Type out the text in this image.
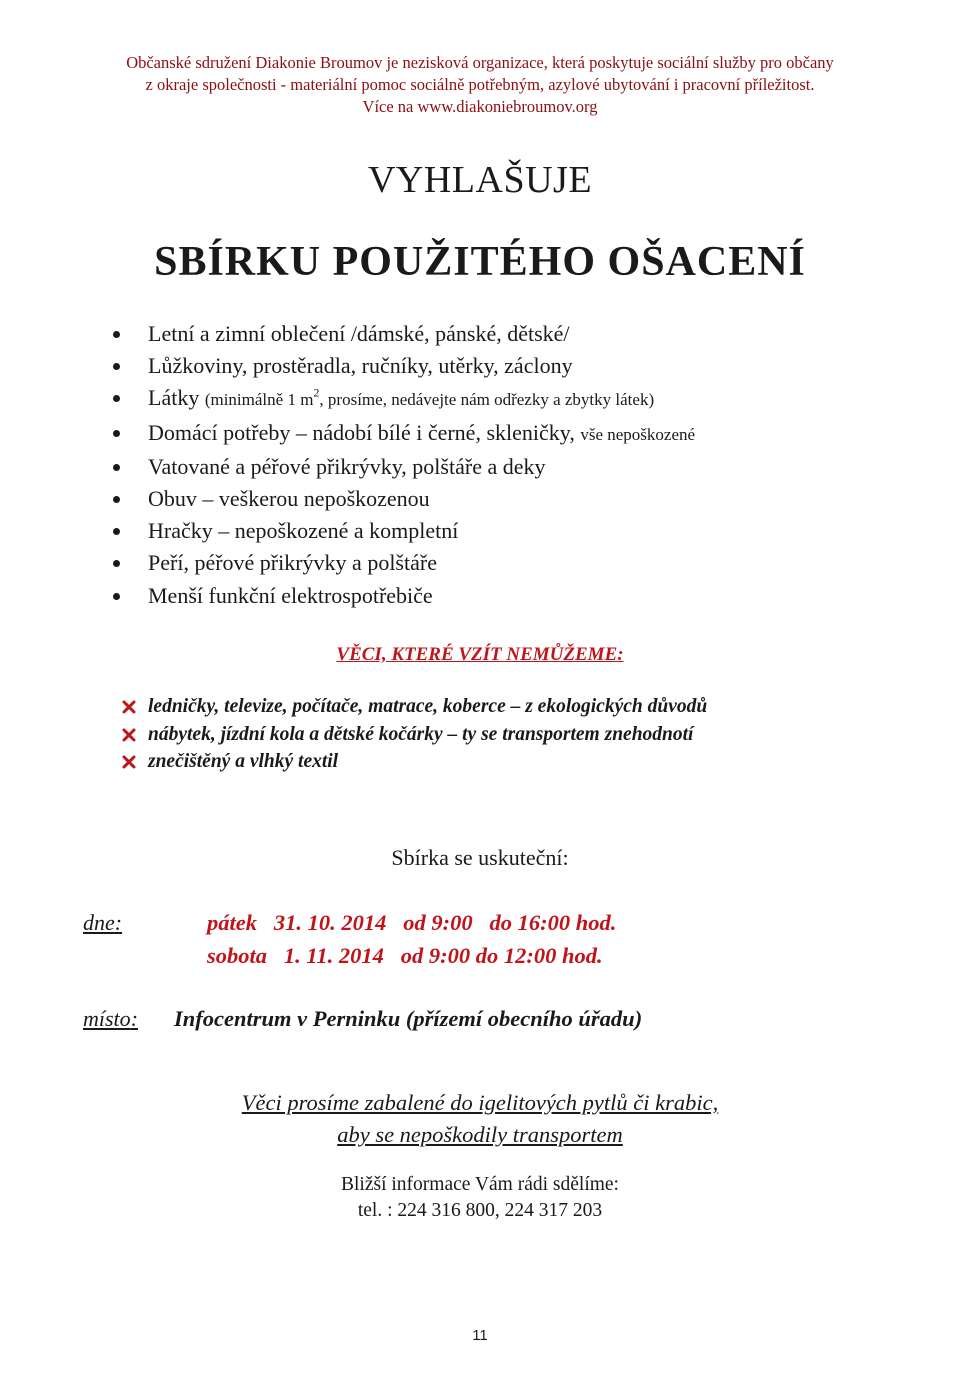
Občanské sdružení Diakonie Broumov je nezisková organizace, která poskytuje sociální služby pro občany
z okraje společnosti - materiální pomoc sociálně potřebným, azylové ubytování i pracovní příležitost.
Více na www.diakoniebroumov.org
VYHLAŠUJE
SBÍRKU POUŽITÉHO OŠACENÍ
Letní a zimní oblečení /dámské, pánské, dětské/
Lůžkoviny, prostěradla, ručníky, utěrky, záclony
Látky (minimálně 1 $m^2$, prosíme, nedávejte nám odřezky a zbytky látek)
Domácí potřeby – nádobí bílé i černé, skleničky, vše nepoškozené
Vatované a péřové přikrývky, polštáře a deky
Obuv – veškerou nepoškozenou
Hračky – nepoškozené a kompletní
Peří, péřové přikrývky a polštáře
Menší funkční elektrospotřebiče
VĚCI, KTERÉ VZÍT NEMŮŽEME:
ledničky, televize, počítače, matrace, koberce – z ekologických důvodů
nábytek, jízdní kola a dětské kočárky – ty se transportem znehodnotí
znečištěný a vlhký textil
Sbírka se uskuteční:
dne:	pátek   31. 10. 2014   od 9:00   do 16:00 hod.
sobota   1. 11. 2014   od 9:00 do 12:00 hod.
místo: Infocentrum v Perninku (přízemí obecního úřadu)
Věci prosíme zabalené do igelitových pytlů či krabic,
aby se nepoškodily transportem
Bližší informace Vám rádi sdělíme:
tel. : 224 316 800, 224 317 203
11
